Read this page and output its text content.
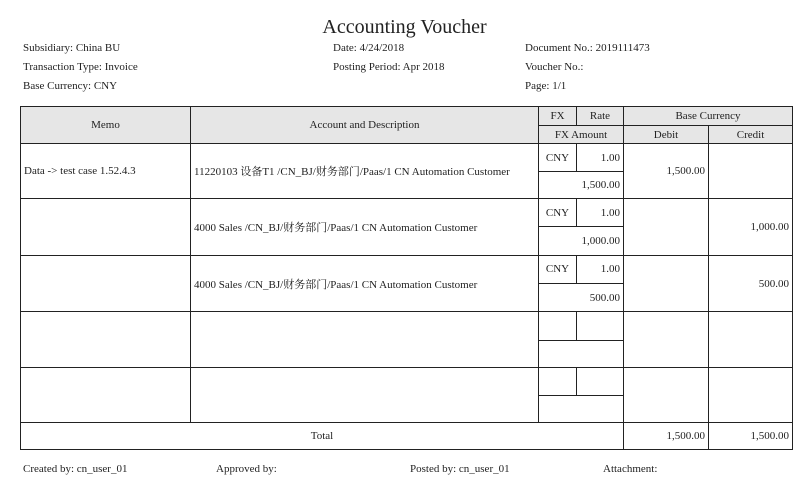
Accounting Voucher
Subsidiary: China BU
Transaction Type: Invoice
Base Currency: CNY
Date: 4/24/2018
Posting Period: Apr 2018
Document No.: 2019111473
Voucher No.:
Page: 1/1
Memo	Account and Description	FX	Rate	Base Currency	
		FX Amount		Debit	Credit
Data -> test case 1.52.4.3	11220103 设备T1 /CN_BJ/财务部门/Paas/1 CN Automation Customer	CNY	1.00	1,500.00	
		1,500.00			
	4000 Sales /CN_BJ/财务部门/Paas/1 CN Automation Customer	CNY	1.00		1,000.00
		1,000.00			
	4000 Sales /CN_BJ/财务部门/Paas/1 CN Automation Customer	CNY	1.00		500.00
		500.00			

Total				1,500.00	1,500.00
Created by: cn_user_01	Approved by:	Posted by: cn_user_01	Attachment:
